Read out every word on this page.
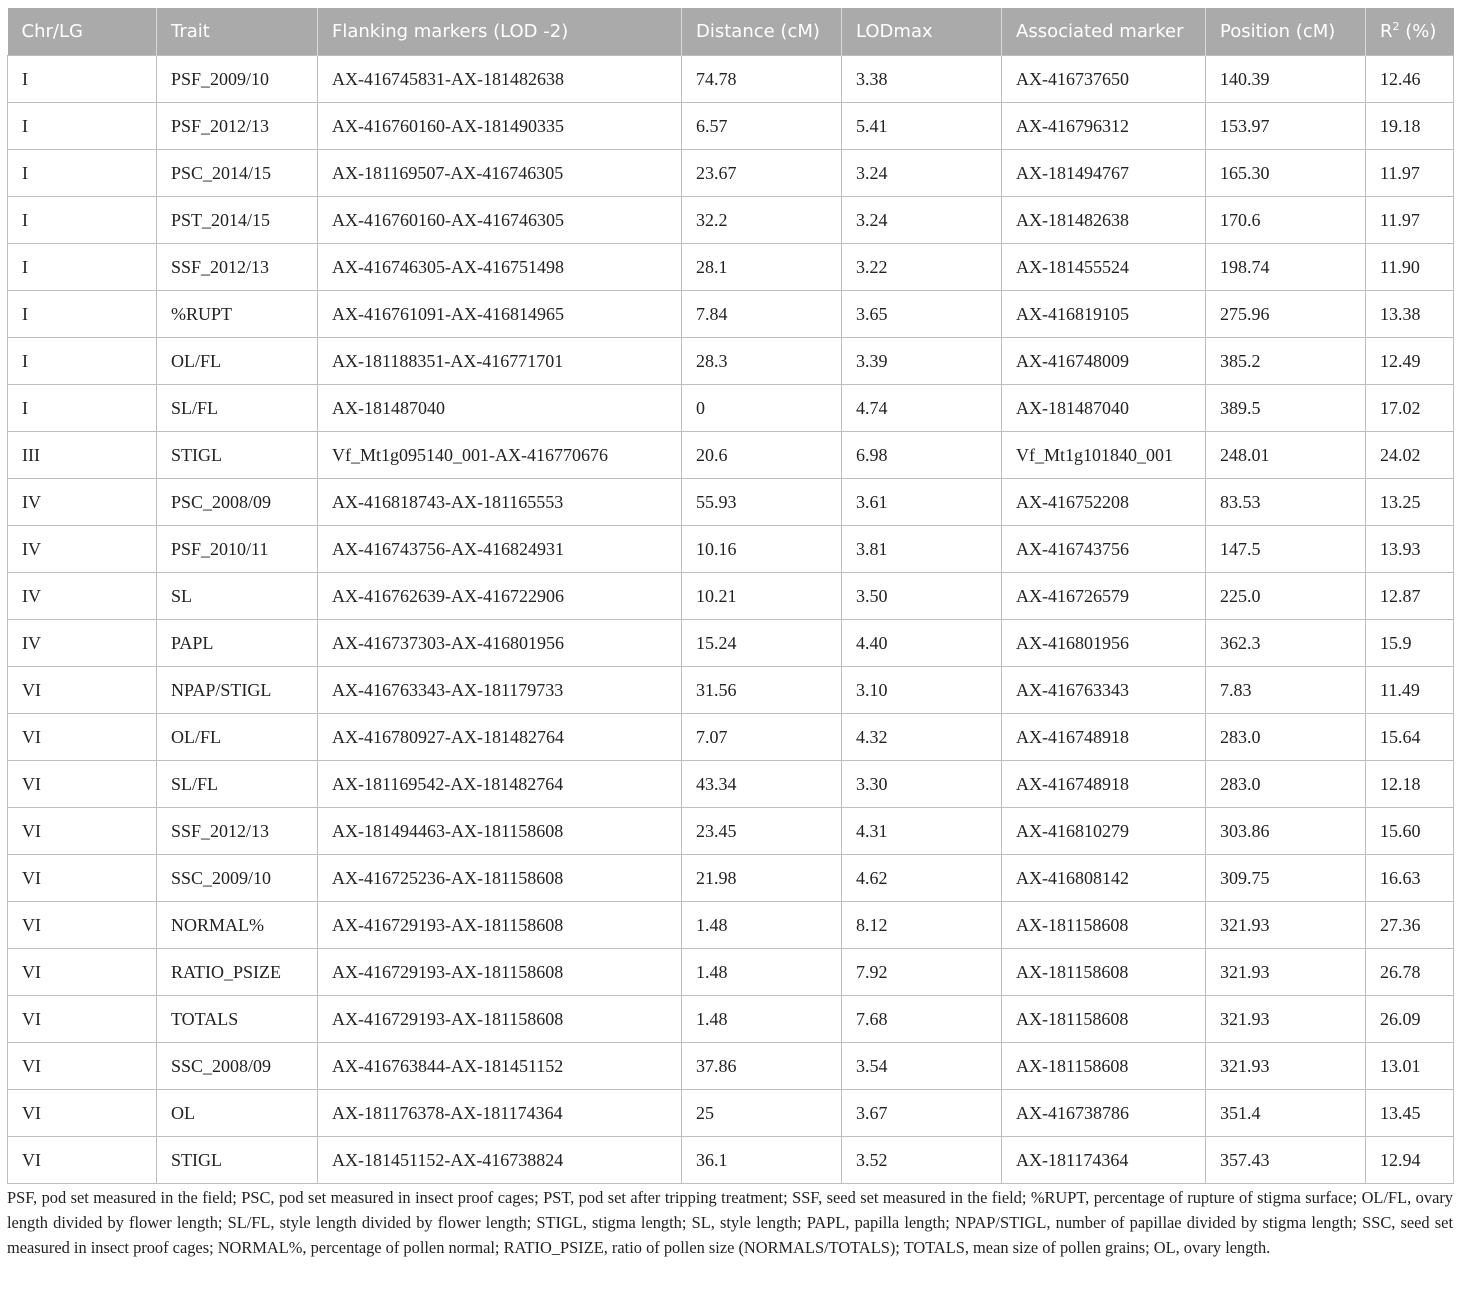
Chr/LG	Trait	Flanking markers (LOD -2)	Distance (cM)	LODmax	Associated marker	Position (cM)	$R^2$ (%)
I	PSF_2009/10	AX-416745831-AX-181482638	74.78	3.38	AX-416737650	140.39	12.46
I	PSF_2012/13	AX-416760160-AX-181490335	6.57	5.41	AX-416796312	153.97	19.18
I	PSC_2014/15	AX-181169507-AX-416746305	23.67	3.24	AX-181494767	165.30	11.97
I	PST_2014/15	AX-416760160-AX-416746305	32.2	3.24	AX-181482638	170.6	11.97
I	SSF_2012/13	AX-416746305-AX-416751498	28.1	3.22	AX-181455524	198.74	11.90
I	%RUPT	AX-416761091-AX-416814965	7.84	3.65	AX-416819105	275.96	13.38
I	OL/FL	AX-181188351-AX-416771701	28.3	3.39	AX-416748009	385.2	12.49
I	SL/FL	AX-181487040	0	4.74	AX-181487040	389.5	17.02
III	STIGL	Vf_Mt1g095140_001-AX-416770676	20.6	6.98	Vf_Mt1g101840_001	248.01	24.02
IV	PSC_2008/09	AX-416818743-AX-181165553	55.93	3.61	AX-416752208	83.53	13.25
IV	PSF_2010/11	AX-416743756-AX-416824931	10.16	3.81	AX-416743756	147.5	13.93
IV	SL	AX-416762639-AX-416722906	10.21	3.50	AX-416726579	225.0	12.87
IV	PAPL	AX-416737303-AX-416801956	15.24	4.40	AX-416801956	362.3	15.9
VI	NPAP/STIGL	AX-416763343-AX-181179733	31.56	3.10	AX-416763343	7.83	11.49
VI	OL/FL	AX-416780927-AX-181482764	7.07	4.32	AX-416748918	283.0	15.64
VI	SL/FL	AX-181169542-AX-181482764	43.34	3.30	AX-416748918	283.0	12.18
VI	SSF_2012/13	AX-181494463-AX-181158608	23.45	4.31	AX-416810279	303.86	15.60
VI	SSC_2009/10	AX-416725236-AX-181158608	21.98	4.62	AX-416808142	309.75	16.63
VI	NORMAL%	AX-416729193-AX-181158608	1.48	8.12	AX-181158608	321.93	27.36
VI	RATIO_PSIZE	AX-416729193-AX-181158608	1.48	7.92	AX-181158608	321.93	26.78
VI	TOTALS	AX-416729193-AX-181158608	1.48	7.68	AX-181158608	321.93	26.09
VI	SSC_2008/09	AX-416763844-AX-181451152	37.86	3.54	AX-181158608	321.93	13.01
VI	OL	AX-181176378-AX-181174364	25	3.67	AX-416738786	351.4	13.45
VI	STIGL	AX-181451152-AX-416738824	36.1	3.52	AX-181174364	357.43	12.94
PSF, pod set measured in the field; PSC, pod set measured in insect proof cages; PST, pod set after tripping treatment; SSF, seed set measured in the field; %RUPT, percentage of rupture of stigma surface; OL/FL, ovary length divided by flower length; SL/FL, style length divided by flower length; STIGL, stigma length; SL, style length; PAPL, papilla length; NPAP/STIGL, number of papillae divided by stigma length; SSC, seed set measured in insect proof cages; NORMAL%, percentage of pollen normal; RATIO_PSIZE, ratio of pollen size (NORMALS/TOTALS); TOTALS, mean size of pollen grains; OL, ovary length.
